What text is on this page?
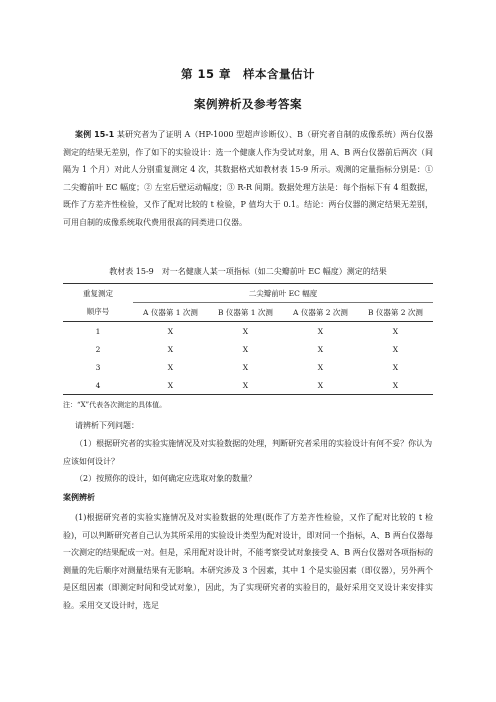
第 15 章　样本含量估计
案例辨析及参考答案

案例 15-1 某研究者为了证明 A（HP-1000 型超声诊断仪）、B（研究者自制的成像系统）两台仪器测定的结果无差别，作了如下的实验设计：选一个健康人作为受试对象，用 A、B 两台仪器前后两次（间隔为 1 个月）对此人分别重复测定 4 次，其数据格式如教材表 15-9 所示。观测的定量指标分别是：① 二尖瓣前叶 EC 幅度；② 左室后壁运动幅度；③ R-R 间期。数据处理方法是：每个指标下有 4 组数据，既作了方差齐性检验，又作了配对比较的 t 检验，P 值均大于 0.1。结论：两台仪器的测定结果无差别，可用自制的成像系统取代费用很高的同类进口仪器。

教材表 15-9　对一名健康人某一项指标（如二尖瓣前叶 EC 幅度）测定的结果
重复测定	二尖瓣前叶 EC 幅度			
顺序号	A 仪器第 1 次测	B 仪器第 1 次测	A 仪器第 2 次测	B 仪器第 2 次测
1	X	X	X	X
2	X	X	X	X
3	X	X	X	X
4	X	X	X	X
注：“X”代表各次测定的具体值。

请辨析下列问题：

（1）根据研究者的实验实施情况及对实验数据的处理，判断研究者采用的实验设计有何不妥？你认为应该如何设计？

（2）按照你的设计，如何确定应选取对象的数量？

案例辨析

(1)根据研究者的实验实施情况及对实验数据的处理(既作了方差齐性检验，又作了配对比较的 t 检验)，可以判断研究者自己认为其所采用的实验设计类型为配对设计，即对同一个指标，A、B 两台仪器每一次测定的结果配成一对。但是，采用配对设计时，不能考察受试对象接受 A、B 两台仪器对各项指标的测量的先后顺序对测量结果有无影响。本研究涉及 3 个因素，其中 1 个是实验因素（即仪器），另外两个是区组因素（即测定时间和受试对象），因此，为了实现研究者的实验目的，最好采用交叉设计来安排实验。采用交叉设计时，选足
